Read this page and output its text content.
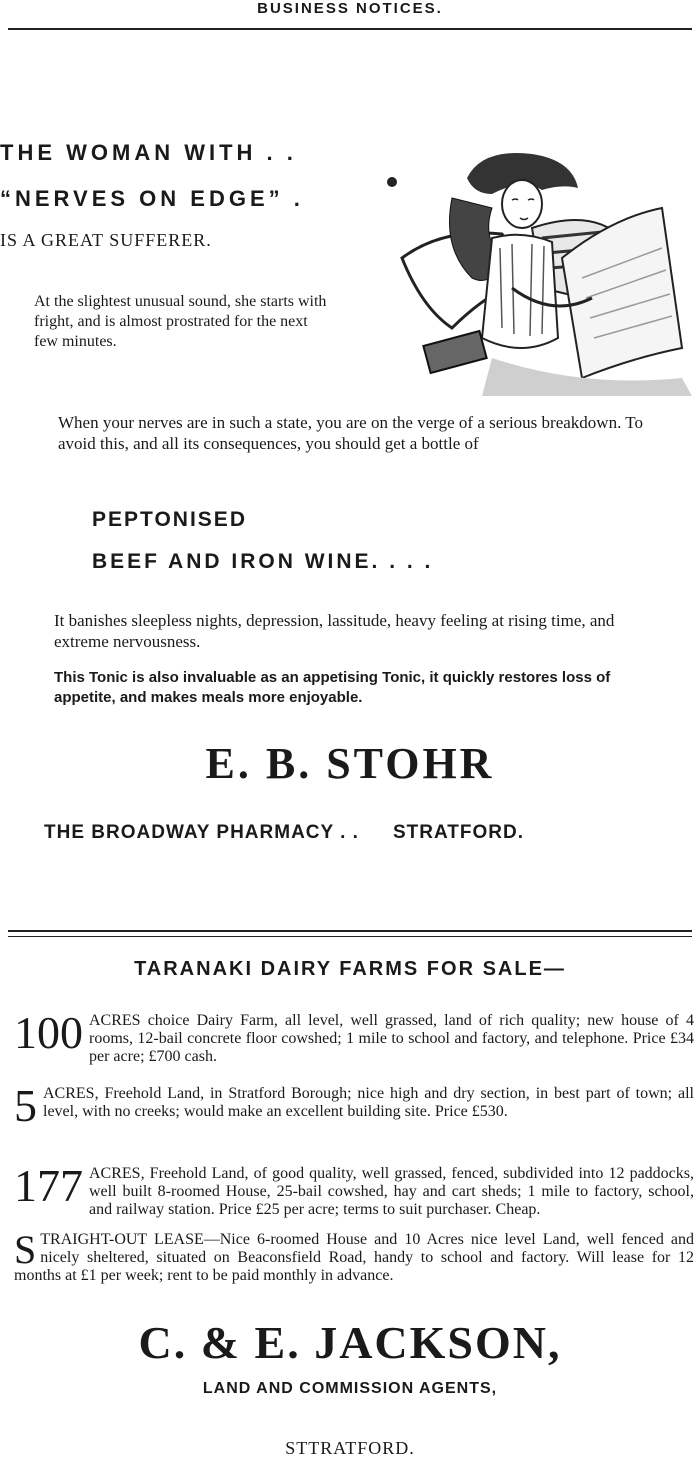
BUSINESS NOTICES.
THE WOMAN WITH . .
“NERVES ON EDGE” .
IS A GREAT SUFFERER.
At the slightest unusual sound, she starts with fright, and is almost prostrated for the next few minutes.
When your nerves are in such a state, you are on the verge of a serious breakdown. To avoid this, and all its consequences, you should get a bottle of
PEPTONISED
BEEF AND IRON WINE. . . .
It banishes sleepless nights, depression, lassitude, heavy feeling at rising time, and extreme nervousness.
This Tonic is also invaluable as an appetising Tonic, it quickly restores loss of appetite, and makes meals more enjoyable.
E. B. STOHR
THE BROADWAY PHARMACY . . STRATFORD.
TARANAKI DAIRY FARMS FOR SALE—
100 ACRES choice Dairy Farm, all level, well grassed, land of rich quality; new house of 4 rooms, 12-bail concrete floor cowshed; 1 mile to school and factory, and telephone. Price £34 per acre; £700 cash.
5 ACRES, Freehold Land, in Stratford Borough; nice high and dry section, in best part of town; all level, with no creeks; would make an excellent building site. Price £530.
177 ACRES, Freehold Land, of good quality, well grassed, fenced, subdivided into 12 paddocks, well built 8-roomed House, 25-bail cowshed, hay and cart sheds; 1 mile to factory, school, and railway station. Price £25 per acre; terms to suit purchaser. Cheap.
STRAIGHT-OUT LEASE—Nice 6-roomed House and 10 Acres nice level Land, well fenced and nicely sheltered, situated on Beaconsfield Road, handy to school and factory. Will lease for 12 months at £1 per week; rent to be paid monthly in advance.
C. & E. JACKSON,
LAND AND COMMISSION AGENTS,
STTRATFORD.
